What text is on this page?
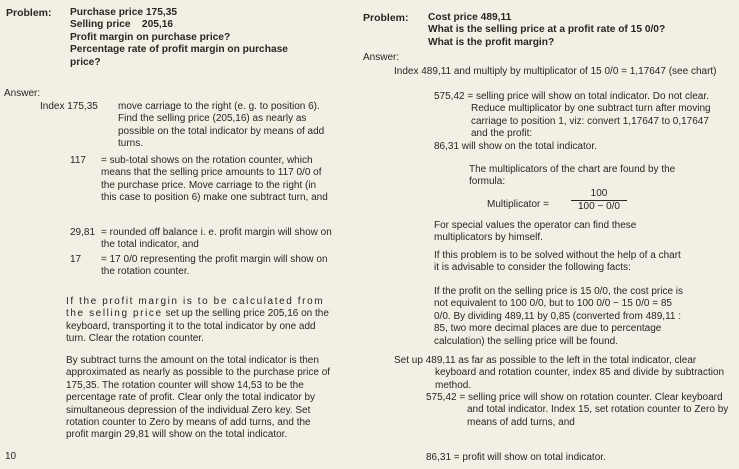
Problem: Purchase price 175,35
Selling price    205,16
Profit margin on purchase price?
Percentage rate of profit margin on purchase
price?
Answer:
Index 175,35 move carriage to the right (e. g. to position 6). Find the selling price (205,16) as nearly as possible on the total indicator by means of add turns.
117 = sub-total shows on the rotation counter, which means that the selling price amounts to 117 0/0 of the purchase price. Move carriage to the right (in this case to position 6) make one subtract turn, and
29,81 = rounded off balance i. e. profit margin will show on the total indicator, and
17 = 17 0/0 representing the profit margin will show on the rotation counter.
If the profit margin is to be calculated from the selling price set up the selling price 205,16 on the keyboard, transporting it to the total indicator by one add turn. Clear the rotation counter.
By subtract turns the amount on the total indicator is then approximated as nearly as possible to the purchase price of 175,35. The rotation counter will show 14,53 to be the percentage rate of profit. Clear only the total indicator by simultaneous depression of the individual Zero key. Set rotation counter to Zero by means of add turns, and the profit margin 29,81 will show on the total indicator.
10
Problem: Cost price 489,11
What is the selling price at a profit rate of 15 0/0?
What is the profit margin?
Answer:
Index 489,11 and multiply by multiplicator of 15 0/0 = 1,17647 (see chart)
575,42 = selling price will show on total indicator. Do not clear. Reduce multiplicator by one subtract turn after moving carriage to position 1, viz: convert 1,17647 to 0,17647 and the profit:
86,31 will show on the total indicator.
The multiplicators of the chart are found by the formula:
Multiplicator = $\frac{100}{100 - 0/0}$
For special values the operator can find these multiplicators by himself.
If this problem is to be solved without the help of a chart it is advisable to consider the following facts:
If the profit on the selling price is 15 0/0, the cost price is not equivalent to 100 0/0, but to 100 0/0 − 15 0/0 = 85 0/0. By dividing 489,11 by 0,85 (converted from 489,11 : 85, two more decimal places are due to percentage calculation) the selling price will be found.
Set up 489,11 as far as possible to the left in the total indicator, clear keyboard and rotation counter, index 85 and divide by subtraction method.
575,42 = selling price will show on rotation counter. Clear keyboard and total indicator. Index 15, set rotation counter to Zero by means of add turns, and
86,31 = profit will show on total indicator.
